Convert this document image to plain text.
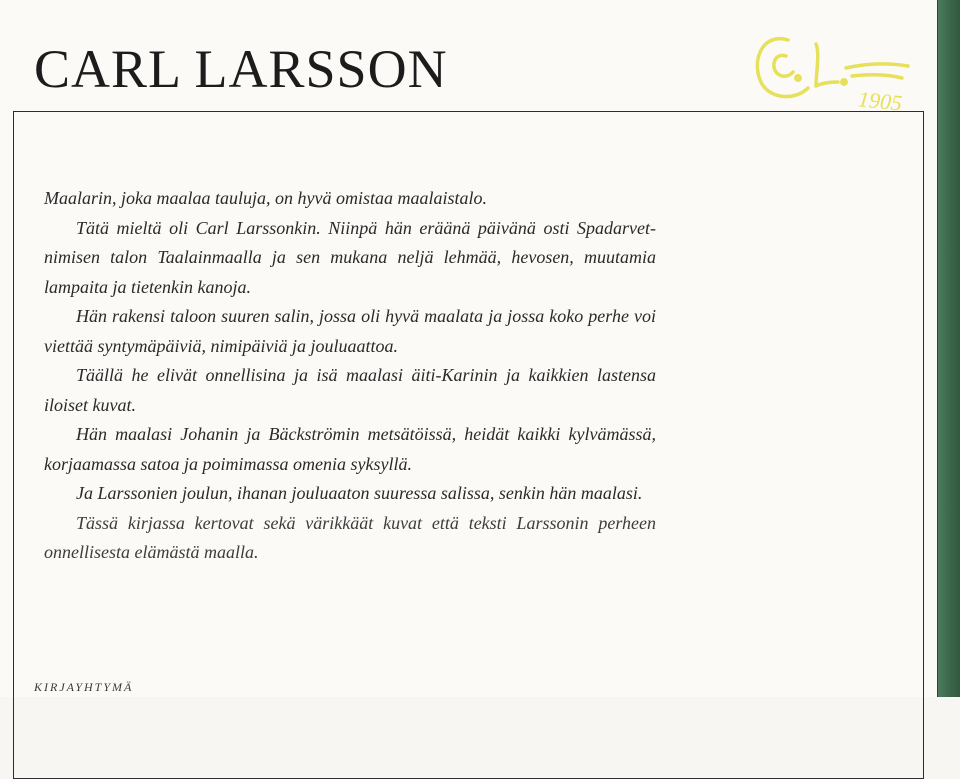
CARL LARSSON
1905

Maalarin, joka maalaa tauluja, on hyvä omistaa maalaistalo.

Tätä mieltä oli Carl Larssonkin. Niinpä hän eräänä päivänä osti Spadarvet-nimisen talon Taalainmaalla ja sen mukana neljä lehmää, hevosen, muutamia lampaita ja tietenkin kanoja.

Hän rakensi taloon suuren salin, jossa oli hyvä maalata ja jossa koko perhe voi viettää syntymäpäiviä, nimipäiviä ja jouluaattoa.

Täällä he elivät onnellisina ja isä maalasi äiti-Karinin ja kaikkien lastensa iloiset kuvat.

Hän maalasi Johanin ja Bäckströmin metsätöissä, heidät kaikki kylvämässä, korjaamassa satoa ja poimimassa omenia syksyllä.

Ja Larssonien joulun, ihanan jouluaaton suuressa salissa, senkin hän maalasi.

Tässä kirjassa kertovat sekä värikkäät kuvat että teksti Larssonin perheen onnellisesta elämästä maalla.

KIRJAYHTYMÄ
